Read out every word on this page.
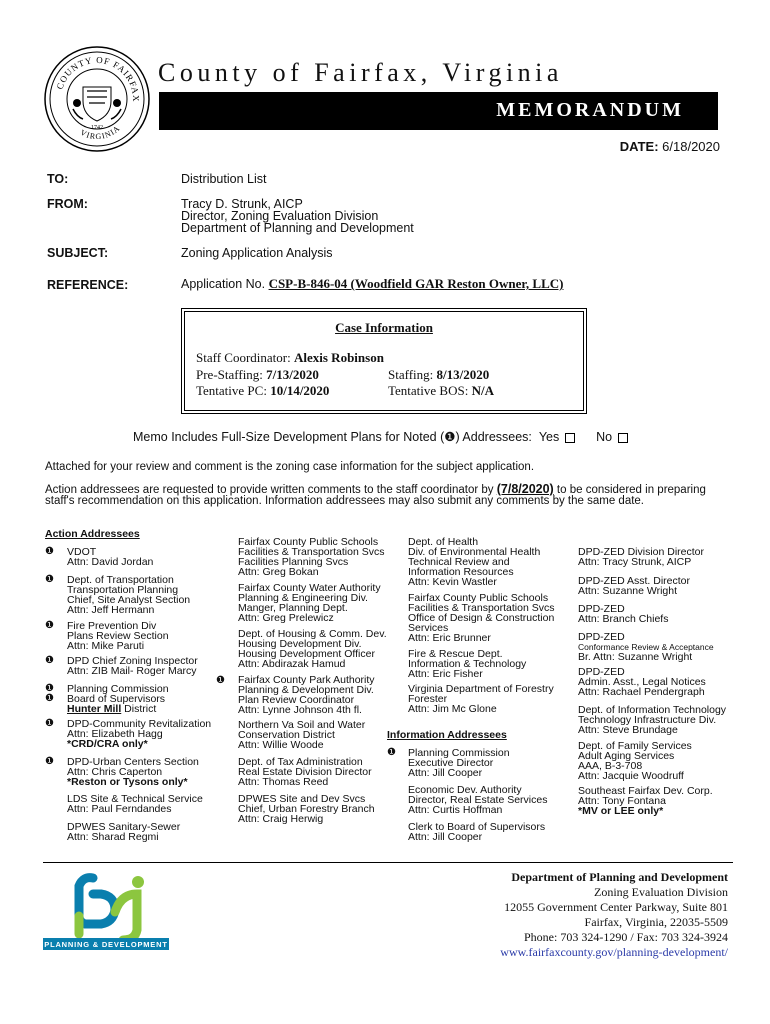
COUNTY OF FAIRFAX
VIRGINIA
1742
County of Fairfax, Virginia
MEMORANDUM
DATE: 6/18/2020
TO:	Distribution List
FROM:	Tracy D. Strunk, AICP
Director, Zoning Evaluation Division
Department of Planning and Development
SUBJECT:	Zoning Application Analysis
REFERENCE:	Application No. CSP-B-846-04 (Woodfield GAR Reston Owner, LLC)
Case Information
Staff Coordinator: Alexis Robinson
Pre-Staffing: 7/13/2020	Staffing: 8/13/2020
Tentative PC: 10/14/2020	Tentative BOS: N/A
Memo Includes Full-Size Development Plans for Noted (❶) Addressees: Yes	No
Attached for your review and comment is the zoning case information for the subject application.
Action addressees are requested to provide written comments to the staff coordinator by (7/8/2020) to be considered in preparing
staff's recommendation on this application. Information addressees may also submit any comments by the same date.
Action Addressees
❶ VDOT
Attn: David Jordan
❶ Dept. of Transportation
Transportation Planning
Chief, Site Analyst Section
Attn: Jeff Hermann
❶ Fire Prevention Div
Plans Review Section
Attn: Mike Paruti
❶ DPD Chief Zoning Inspector
Attn: ZIB Mail- Roger Marcy
❶
❶
Planning Commission
Board of Supervisors
Hunter Mill District
❶ DPD-Community Revitalization
Attn: Elizabeth Hagg
*CRD/CRA only*
❶ DPD-Urban Centers Section
Attn: Chris Caperton
*Reston or Tysons only*
LDS Site & Technical Service
Attn: Paul Ferndandes
DPWES Sanitary-Sewer
Attn: Sharad Regmi
Fairfax County Public Schools
Facilities & Transportation Svcs
Facilities Planning Svcs
Attn: Greg Bokan
Fairfax County Water Authority
Planning & Engineering Div.
Manger, Planning Dept.
Attn: Greg Prelewicz
Dept. of Housing & Comm. Dev.
Housing Development Div.
Housing Development Officer
Attn: Abdirazak Hamud
❶ Fairfax County Park Authority
Planning & Development Div.
Plan Review Coordinator
Attn: Lynne Johnson 4th fl.
Northern Va Soil and Water
Conservation District
Attn: Willie Woode
Dept. of Tax Administration
Real Estate Division Director
Attn: Thomas Reed
DPWES Site and Dev Svcs
Chief, Urban Forestry Branch
Attn: Craig Herwig
Dept. of Health
Div. of Environmental Health
Technical Review and
Information Resources
Attn: Kevin Wastler
Fairfax County Public Schools
Facilities & Transportation Svcs
Office of Design & Construction
Services
Attn: Eric Brunner
Fire & Rescue Dept.
Information & Technology
Attn: Eric Fisher
Virginia Department of Forestry
Forester
Attn: Jim Mc Glone
Information Addressees
❶ Planning Commission
Executive Director
Attn: Jill Cooper
Economic Dev. Authority
Director, Real Estate Services
Attn: Curtis Hoffman
Clerk to Board of Supervisors
Attn: Jill Cooper
DPD-ZED Division Director
Attn: Tracy Strunk, AICP
DPD-ZED Asst. Director
Attn: Suzanne Wright
DPD-ZED
Attn: Branch Chiefs
DPD-ZED
Conformance Review & Acceptance
Br. Attn: Suzanne Wright
DPD-ZED
Admin. Asst., Legal Notices
Attn: Rachael Pendergraph
Dept. of Information Technology
Technology Infrastructure Div.
Attn: Steve Brundage
Dept. of Family Services
Adult Aging Services
AAA, B-3-708
Attn: Jacquie Woodruff
Southeast Fairfax Dev. Corp.
Attn: Tony Fontana
*MV or LEE only*
PLANNING & DEVELOPMENT
Department of Planning and Development
Zoning Evaluation Division
12055 Government Center Parkway, Suite 801
Fairfax, Virginia, 22035-5509
Phone: 703 324-1290 / Fax: 703 324-3924
www.fairfaxcounty.gov/planning-development/
